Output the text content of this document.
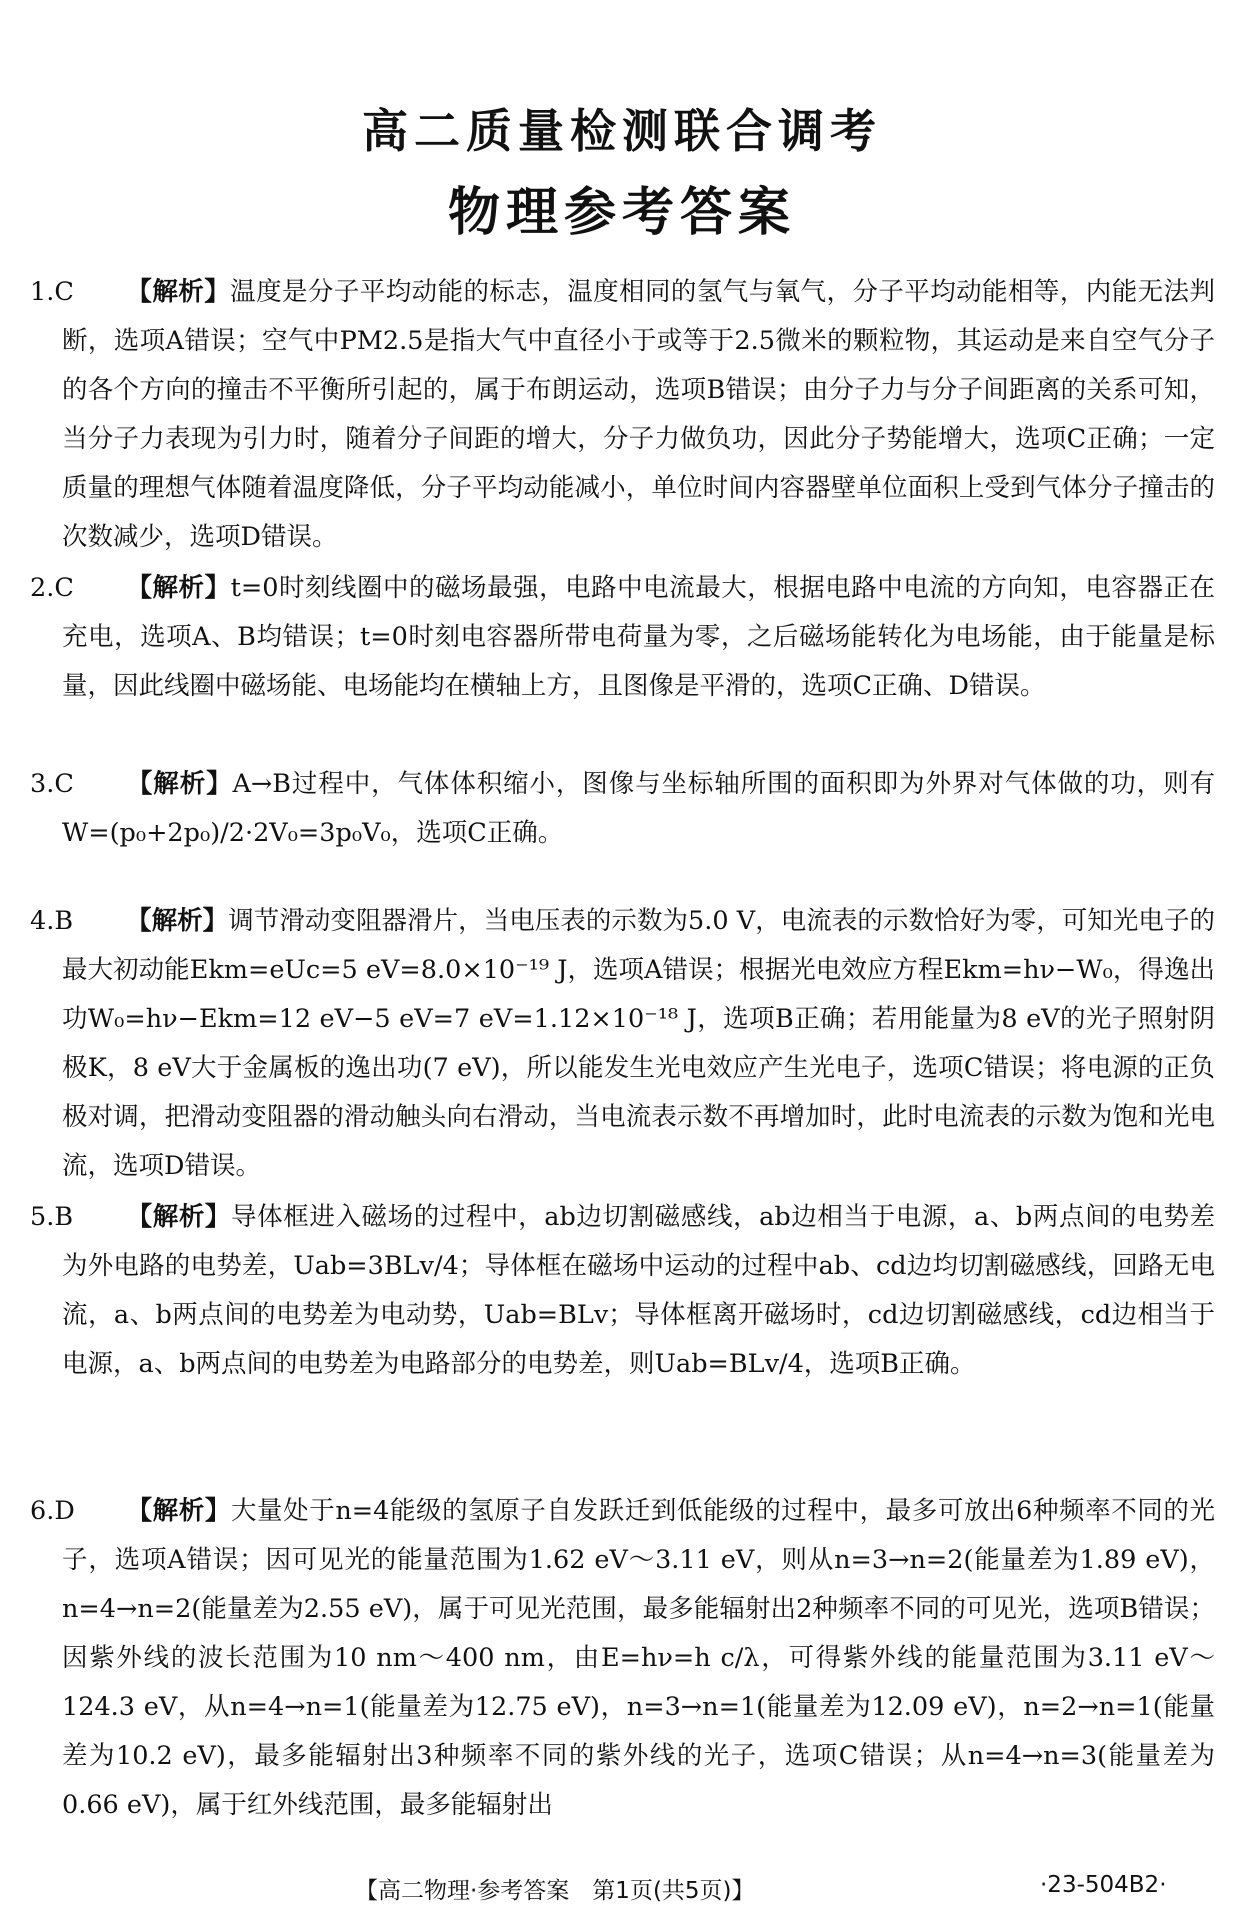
高二质量检测联合调考
物理参考答案
1.C	【解析】温度是分子平均动能的标志，温度相同的氢气与氧气，分子平均动能相等，内能无法判断，选项A错误；空气中PM2.5是指大气中直径小于或等于2.5微米的颗粒物，其运动是来自空气分子的各个方向的撞击不平衡所引起的，属于布朗运动，选项B错误；由分子力与分子间距离的关系可知，当分子力表现为引力时，随着分子间距的增大，分子力做负功，因此分子势能增大，选项C正确；一定质量的理想气体随着温度降低，分子平均动能减小，单位时间内容器壁单位面积上受到气体分子撞击的次数减少，选项D错误。

2.C	【解析】t=0时刻线圈中的磁场最强，电路中电流最大，根据电路中电流的方向知，电容器正在充电，选项A、B均错误；t=0时刻电容器所带电荷量为零，之后磁场能转化为电场能，由于能量是标量，因此线圈中磁场能、电场能均在横轴上方，且图像是平滑的，选项C正确、D错误。

3.C	【解析】A→B过程中，气体体积缩小，图像与坐标轴所围的面积即为外界对气体做的功，则有W=(p₀+2p₀)/2·2V₀=3p₀V₀，选项C正确。

4.B	【解析】调节滑动变阻器滑片，当电压表的示数为5.0 V，电流表的示数恰好为零，可知光电子的最大初动能Ekm=eUc=5 eV=8.0×10⁻¹⁹ J，选项A错误；根据光电效应方程Ekm=hν−W₀，得逸出功W₀=hν−Ekm=12 eV−5 eV=7 eV=1.12×10⁻¹⁸ J，选项B正确；若用能量为8 eV的光子照射阴极K，8 eV大于金属板的逸出功(7 eV)，所以能发生光电效应产生光电子，选项C错误；将电源的正负极对调，把滑动变阻器的滑动触头向右滑动，当电流表示数不再增加时，此时电流表的示数为饱和光电流，选项D错误。

5.B	【解析】导体框进入磁场的过程中，ab边切割磁感线，ab边相当于电源，a、b两点间的电势差为外电路的电势差，Uab=3BLv/4；导体框在磁场中运动的过程中ab、cd边均切割磁感线，回路无电流，a、b两点间的电势差为电动势，Uab=BLv；导体框离开磁场时，cd边切割磁感线，cd边相当于电源，a、b两点间的电势差为电路部分的电势差，则Uab=BLv/4，选项B正确。

6.D	【解析】大量处于n=4能级的氢原子自发跃迁到低能级的过程中，最多可放出6种频率不同的光子，选项A错误；因可见光的能量范围为1.62 eV～3.11 eV，则从n=3→n=2(能量差为1.89 eV)，n=4→n=2(能量差为2.55 eV)，属于可见光范围，最多能辐射出2种频率不同的可见光，选项B错误；因紫外线的波长范围为10 nm～400 nm，由E=hν=h c/λ，可得紫外线的能量范围为3.11 eV～124.3 eV，从n=4→n=1(能量差为12.75 eV)，n=3→n=1(能量差为12.09 eV)，n=2→n=1(能量差为10.2 eV)，最多能辐射出3种频率不同的紫外线的光子，选项C错误；从n=4→n=3(能量差为0.66 eV)，属于红外线范围，最多能辐射出

【高二物理·参考答案　第1页(共5页)】	·23-504B2·
